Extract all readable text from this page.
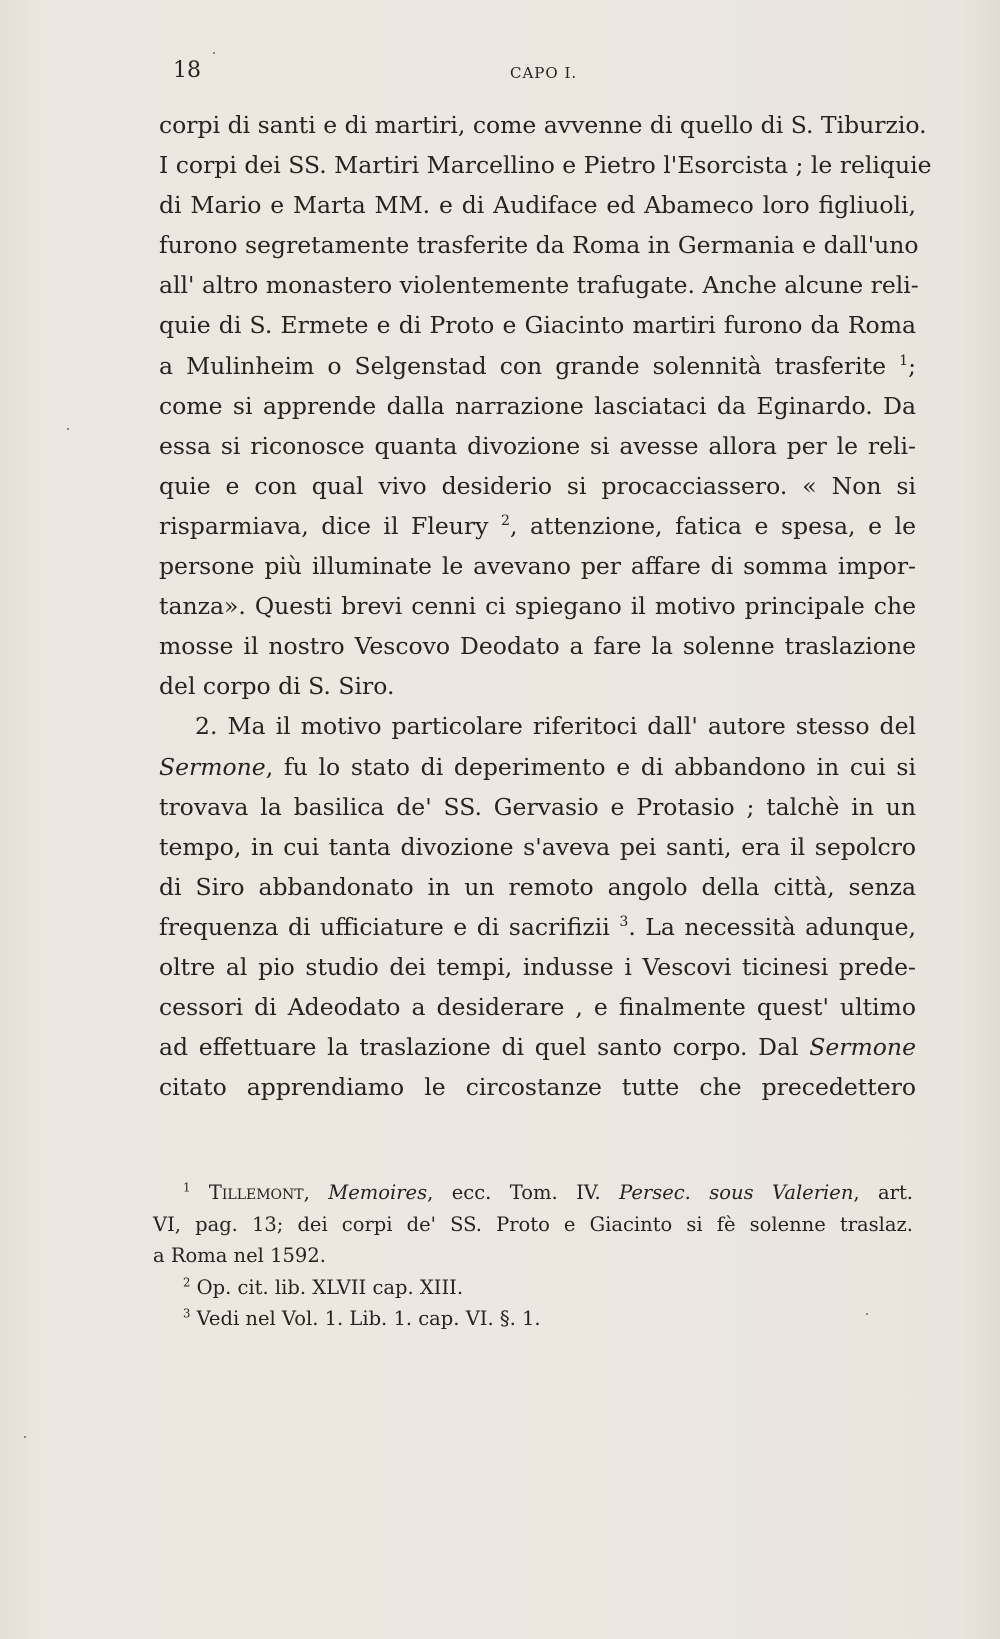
18	CAPO I.
corpi di santi e di martiri, come avvenne di quello di S. Tiburzio.
I corpi dei SS. Martiri Marcellino e Pietro l'Esorcista ; le reliquie
di Mario e Marta MM. e di Audiface ed Abameco loro figliuoli,
furono segretamente trasferite da Roma in Germania e dall'uno
all' altro monastero violentemente trafugate. Anche alcune reli-
quie di S. Ermete e di Proto e Giacinto martiri furono da Roma
a Mulinheim o Selgenstad con grande solennità trasferite $^1$;
come si apprende dalla narrazione lasciataci da Eginardo. Da
essa si riconosce quanta divozione si avesse allora per le reli-
quie e con qual vivo desiderio si procacciassero. « Non si
risparmiava, dice il Fleury $^2$, attenzione, fatica e spesa, e le
persone più illuminate le avevano per affare di somma impor-
tanza». Questi brevi cenni ci spiegano il motivo principale che
mosse il nostro Vescovo Deodato a fare la solenne traslazione
del corpo di S. Siro.
2. Ma il motivo particolare riferitoci dall' autore stesso del
Sermone, fu lo stato di deperimento e di abbandono in cui si
trovava la basilica de' SS. Gervasio e Protasio ; talchè in un
tempo, in cui tanta divozione s'aveva pei santi, era il sepolcro
di Siro abbandonato in un remoto angolo della città, senza
frequenza di ufficiature e di sacrifizii $^3$. La necessità adunque,
oltre al pio studio dei tempi, indusse i Vescovi ticinesi prede-
cessori di Adeodato a desiderare , e finalmente quest' ultimo
ad effettuare la traslazione di quel santo corpo. Dal Sermone
citato apprendiamo le circostanze tutte che precedettero
$^1$ Tillemont, Memoires, ecc. Tom. IV. Persec. sous Valerien, art.
VI, pag. 13; dei corpi de' SS. Proto e Giacinto si fè solenne traslaz.
a Roma nel 1592.
$^2$ Op. cit. lib. XLVII cap. XIII.
$^3$ Vedi nel Vol. 1. Lib. 1. cap. VI. §. 1.
